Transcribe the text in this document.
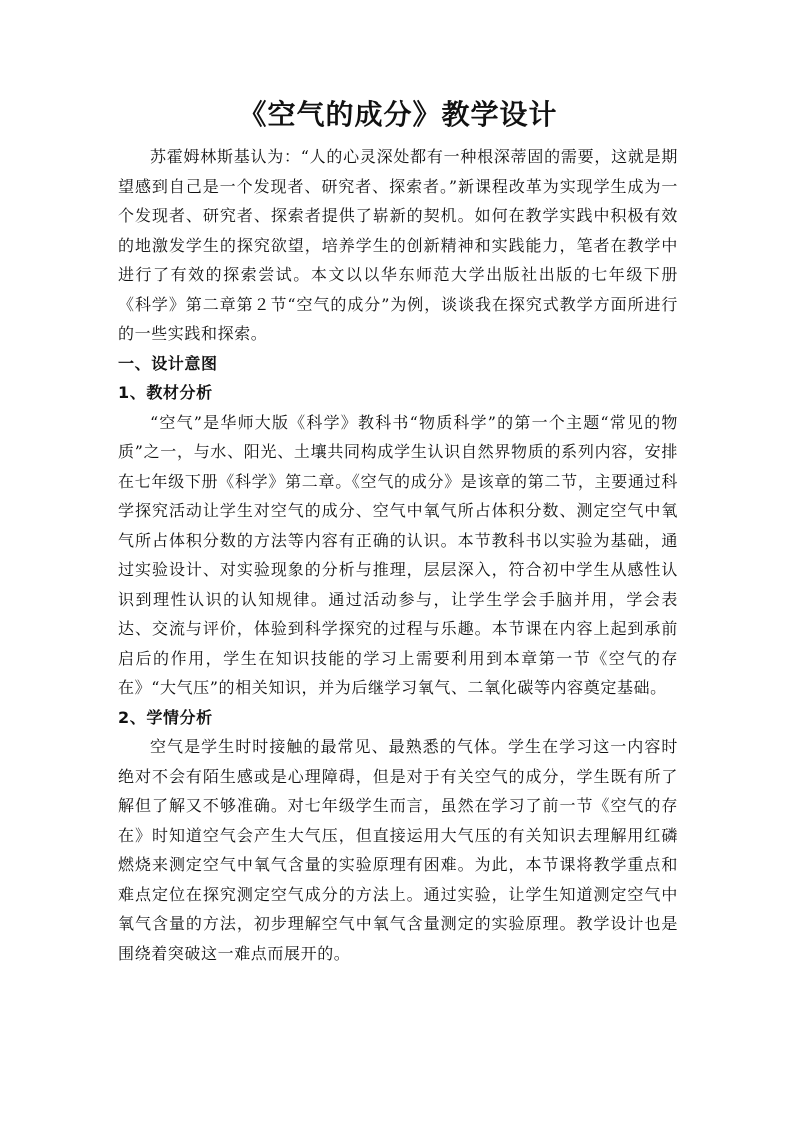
《空气的成分》教学设计

苏霍姆林斯基认为：“人的心灵深处都有一种根深蒂固的需要，这就是期望感到自己是一个发现者、研究者、探索者。”新课程改革为实现学生成为一个发现者、研究者、探索者提供了崭新的契机。如何在教学实践中积极有效的地激发学生的探究欲望，培养学生的创新精神和实践能力，笔者在教学中进行了有效的探索尝试。本文以以华东师范大学出版社出版的七年级下册《科学》第二章第２节“空气的成分”为例，谈谈我在探究式教学方面所进行的一些实践和探索。

一、设计意图

1、教材分析

“空气”是华师大版《科学》教科书“物质科学”的第一个主题“常见的物质”之一，与水、阳光、土壤共同构成学生认识自然界物质的系列内容，安排在七年级下册《科学》第二章。《空气的成分》是该章的第二节，主要通过科学探究活动让学生对空气的成分、空气中氧气所占体积分数、测定空气中氧气所占体积分数的方法等内容有正确的认识。本节教科书以实验为基础，通过实验设计、对实验现象的分析与推理，层层深入，符合初中学生从感性认识到理性认识的认知规律。通过活动参与，让学生学会手脑并用，学会表达、交流与评价，体验到科学探究的过程与乐趣。本节课在内容上起到承前启后的作用，学生在知识技能的学习上需要利用到本章第一节《空气的存在》“大气压”的相关知识，并为后继学习氧气、二氧化碳等内容奠定基础。

2、学情分析

空气是学生时时接触的最常见、最熟悉的气体。学生在学习这一内容时绝对不会有陌生感或是心理障碍，但是对于有关空气的成分，学生既有所了解但了解又不够准确。对七年级学生而言，虽然在学习了前一节《空气的存在》时知道空气会产生大气压，但直接运用大气压的有关知识去理解用红磷燃烧来测定空气中氧气含量的实验原理有困难。为此，本节课将教学重点和难点定位在探究测定空气成分的方法上。通过实验，让学生知道测定空气中氧气含量的方法，初步理解空气中氧气含量测定的实验原理。教学设计也是围绕着突破这一难点而展开的。
